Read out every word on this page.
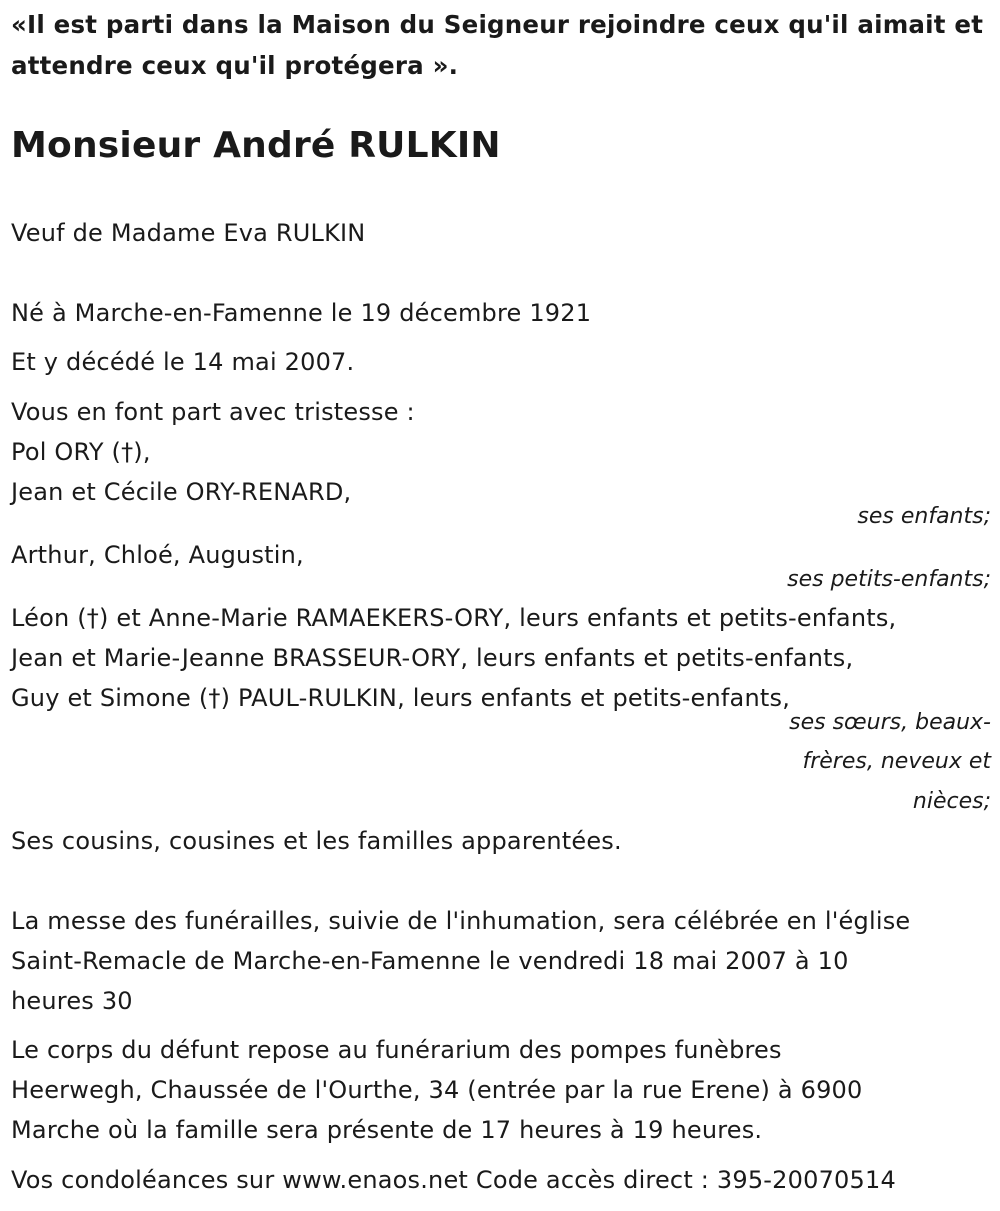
«Il est parti dans la Maison du Seigneur rejoindre ceux qu'il aimait et
attendre ceux qu'il protégera ».
Monsieur André RULKIN
Veuf de Madame Eva RULKIN
Né à Marche-en-Famenne le 19 décembre 1921
Et y décédé le 14 mai 2007.
Vous en font part avec tristesse :
Pol ORY (†),
Jean et Cécile ORY-RENARD,
ses enfants;
Arthur, Chloé, Augustin,
ses petits-enfants;
Léon (†) et Anne-Marie RAMAEKERS-ORY, leurs enfants et petits-enfants,
Jean et Marie-Jeanne BRASSEUR-ORY, leurs enfants et petits-enfants,
Guy et Simone (†) PAUL-RULKIN, leurs enfants et petits-enfants,
ses sœurs, beaux-
frères, neveux et
nièces;
Ses cousins, cousines et les familles apparentées.
La messe des funérailles, suivie de l'inhumation, sera célébrée en l'église
Saint-Remacle de Marche-en-Famenne le vendredi 18 mai 2007 à 10
heures 30
Le corps du défunt repose au funérarium des pompes funèbres
Heerwegh, Chaussée de l'Ourthe, 34 (entrée par la rue Erene) à 6900
Marche où la famille sera présente de 17 heures à 19 heures.
Vos condoléances sur www.enaos.net Code accès direct : 395-20070514
